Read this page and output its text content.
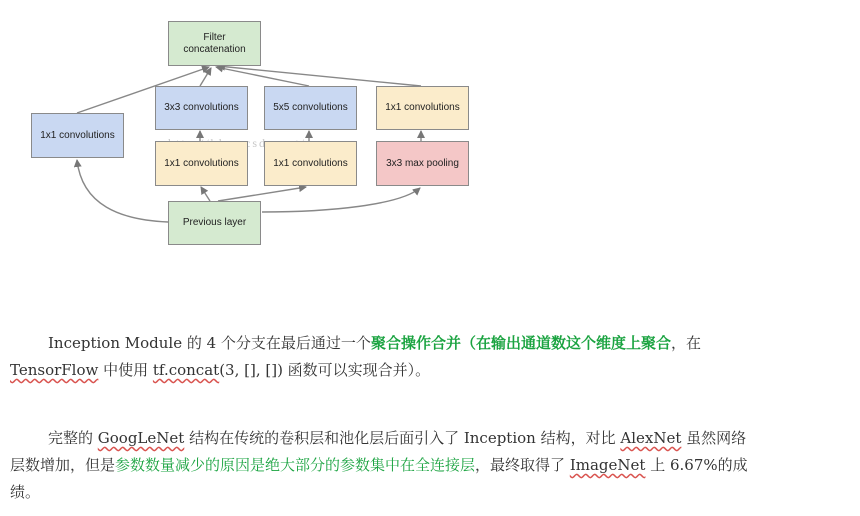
Filter
concatenation
1x1 convolutions
3x3 convolutions	5x5 convolutions	1x1 convolutions
1x1 convolutions	1x1 convolutions	3x3 max pooling
Previous layer

Inception Module 的 4 个分支在最后通过一个聚合操作合并（在输出通道数这个维度上聚合，在 TensorFlow 中使用 tf.concat(3, [], []) 函数可以实现合并）。

完整的 GoogLeNet 结构在传统的卷积层和池化层后面引入了 Inception 结构，对比 AlexNet 虽然网络层数增加，但是参数数量减少的原因是绝大部分的参数集中在全连接层，最终取得了 ImageNet 上 6.67%的成绩。
